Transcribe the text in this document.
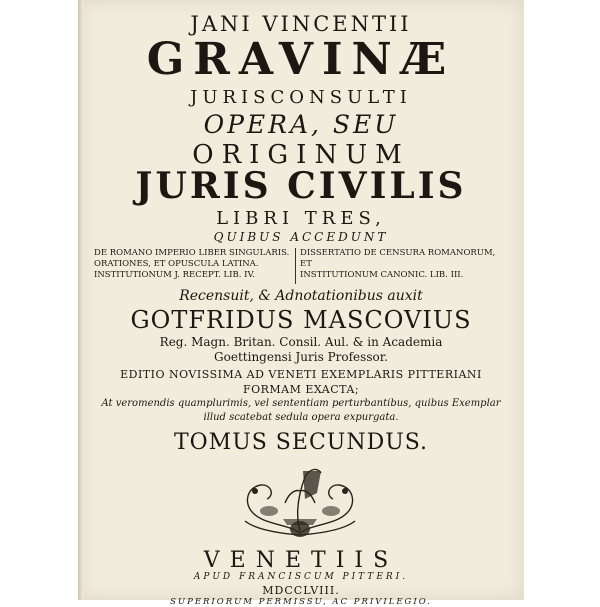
JANI VINCENTII
GRAVINÆ
JURISCONSULTI
OPERA, SEU
ORIGINUM
JURIS CIVILIS
LIBRI TRES,
QUIBUS ACCEDUNT
DE ROMANO IMPERIO LIBER SINGULARIS.
ORATIONES, ET OPUSCULA LATINA.
INSTITUTIONUM J. RECEPT. LIB. IV.
DISSERTATIO DE CENSURA ROMANORUM,
ET
INSTITUTIONUM CANONIC. LIB. III.
Recensuit, & Adnotationibus auxit
GOTFRIDUS MASCOVIUS
Reg. Magn. Britan. Consil. Aul. & in Academia
Goettingensi Juris Professor.
EDITIO NOVISSIMA AD VENETI EXEMPLARIS PITTERIANI
FORMAM EXACTA;
At veromendis quamplurimis, vel sententiam perturbantibus, quibus Exemplar
illud scatebat sedula opera expurgata.
TOMUS SECUNDUS.
VENETIIS
APUD FRANCISCUM PITTERI.
MDCCLVIII.
SUPERIORUM PERMISSU, AC PRIVILEGIO.
